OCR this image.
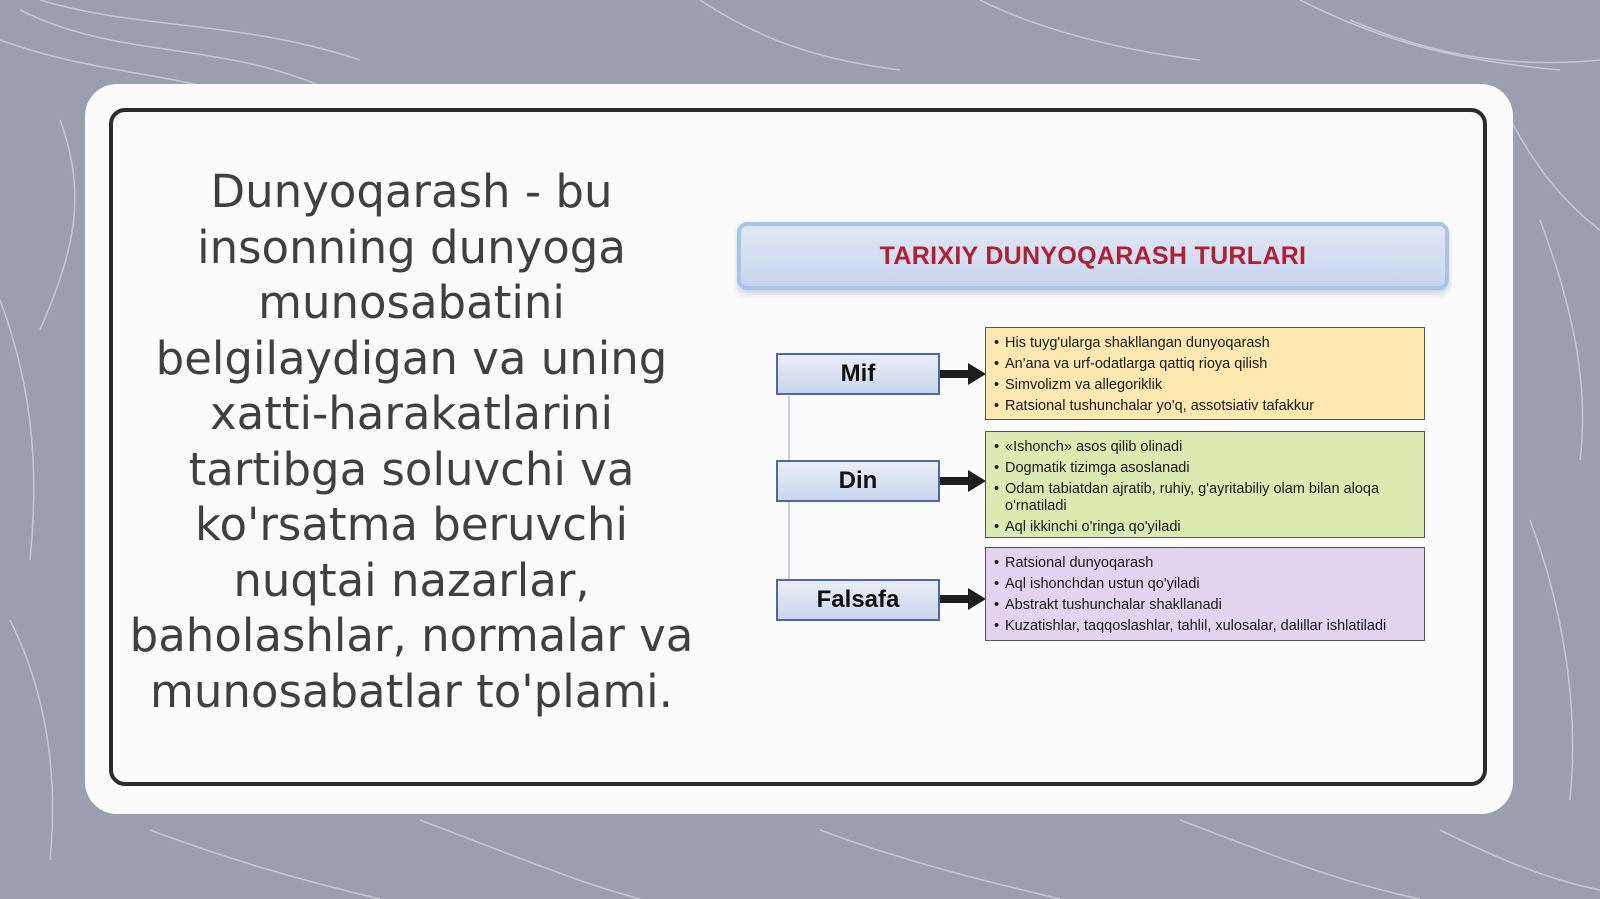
Dunyoqarash - bu insonning dunyoga munosabatini belgilaydigan va uning xatti-harakatlarini tartibga soluvchi va ko'rsatma beruvchi nuqtai nazarlar, baholashlar, normalar va munosabatlar to'plami.
TARIXIY DUNYOQARASH TURLARI
Mif
• His tuyg'ularga shakllangan dunyoqarash
• An'ana va urf-odatlarga qattiq rioya qilish
• Simvolizm va allegoriklik
• Ratsional tushunchalar yo'q, assotsiativ tafakkur
Din
• «Ishonch» asos qilib olinadi
• Dogmatik tizimga asoslanadi
• Odam tabiatdan ajratib, ruhiy, g'ayritabiliy olam bilan aloqa o'rnatiladi
• Aql ikkinchi o'ringa qo'yiladi
Falsafa
• Ratsional dunyoqarash
• Aql ishonchdan ustun qo'yiladi
• Abstrakt tushunchalar shakllanadi
• Kuzatishlar, taqqoslashlar, tahlil, xulosalar, dalillar ishlatiladi
